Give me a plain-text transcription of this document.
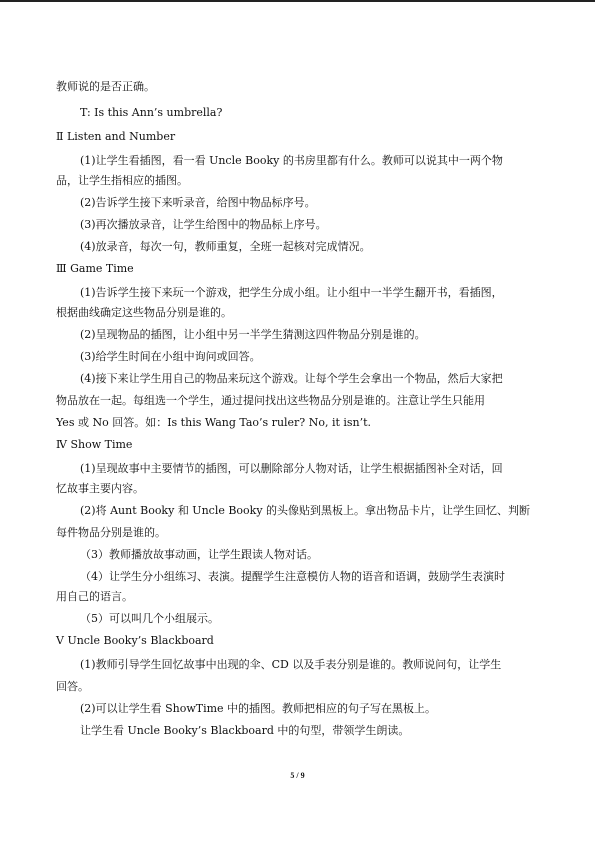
教师说的是否正确。
T: Is this Ann’s umbrella?
Ⅱ Listen and Number
(1)让学生看插图，看一看 Uncle Booky 的书房里都有什么。教师可以说其中一两个物
品，让学生指相应的插图。
(2)告诉学生接下来听录音，给图中物品标序号。
(3)再次播放录音，让学生给图中的物品标上序号。
(4)放录音，每次一句，教师重复，全班一起核对完成情况。
Ⅲ Game Time
(1)告诉学生接下来玩一个游戏，把学生分成小组。让小组中一半学生翻开书，看插图，
根据曲线确定这些物品分别是谁的。
(2)呈现物品的插图，让小组中另一半学生猜测这四件物品分别是谁的。
(3)给学生时间在小组中询问或回答。
(4)接下来让学生用自己的物品来玩这个游戏。让每个学生会拿出一个物品，然后大家把
物品放在一起。每组选一个学生，通过提问找出这些物品分别是谁的。注意让学生只能用
Yes 或 No 回答。如：Is this Wang Tao’s ruler? No, it isn’t.
Ⅳ Show Time
(1)呈现故事中主要情节的插图，可以删除部分人物对话，让学生根据插图补全对话，回
忆故事主要内容。
(2)将 Aunt Booky 和 Uncle Booky 的头像贴到黑板上。拿出物品卡片，让学生回忆、判断
每件物品分别是谁的。
（3）教师播放故事动画，让学生跟读人物对话。
（4）让学生分小组练习、表演。提醒学生注意模仿人物的语音和语调，鼓励学生表演时
用自己的语言。
（5）可以叫几个小组展示。
Ⅴ Uncle Booky’s Blackboard
(1)教师引导学生回忆故事中出现的伞、CD 以及手表分别是谁的。教师说问句，让学生
回答。
(2)可以让学生看 ShowTime 中的插图。教师把相应的句子写在黑板上。
让学生看 Uncle Booky’s Blackboard 中的句型，带领学生朗读。
5 / 9
